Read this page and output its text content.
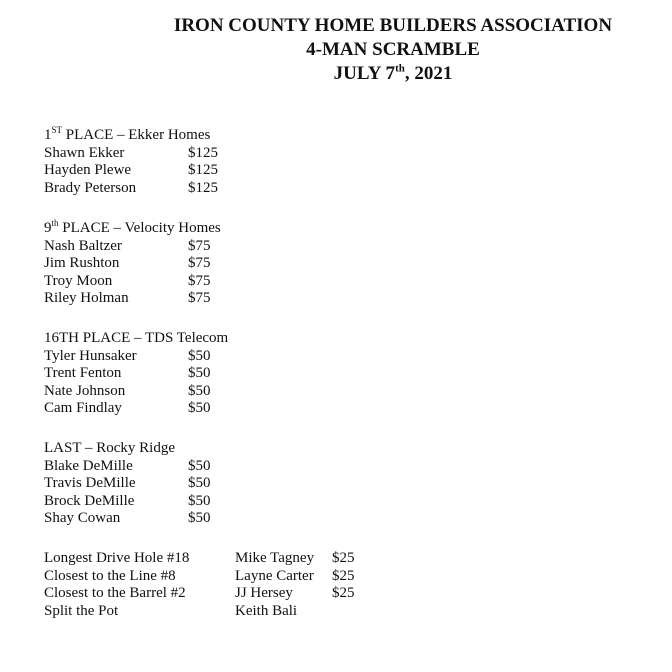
IRON COUNTY HOME BUILDERS ASSOCIATION
4-MAN SCRAMBLE
JULY 7th, 2021
1ST PLACE – Ekker Homes
Shawn Ekker	$125
Hayden Plewe	$125
Brady Peterson	$125
9th PLACE – Velocity Homes
Nash Baltzer	$75
Jim Rushton	$75
Troy Moon	$75
Riley Holman	$75
16TH PLACE – TDS Telecom
Tyler Hunsaker	$50
Trent Fenton	$50
Nate Johnson	$50
Cam Findlay	$50
LAST – Rocky Ridge
Blake DeMille	$50
Travis DeMille	$50
Brock DeMille	$50
Shay Cowan	$50
Longest Drive Hole #18	Mike Tagney $25
Closest to the Line #8	Layne Carter $25
Closest to the Barrel #2	JJ Hersey	$25
Split the Pot	Keith Bali
